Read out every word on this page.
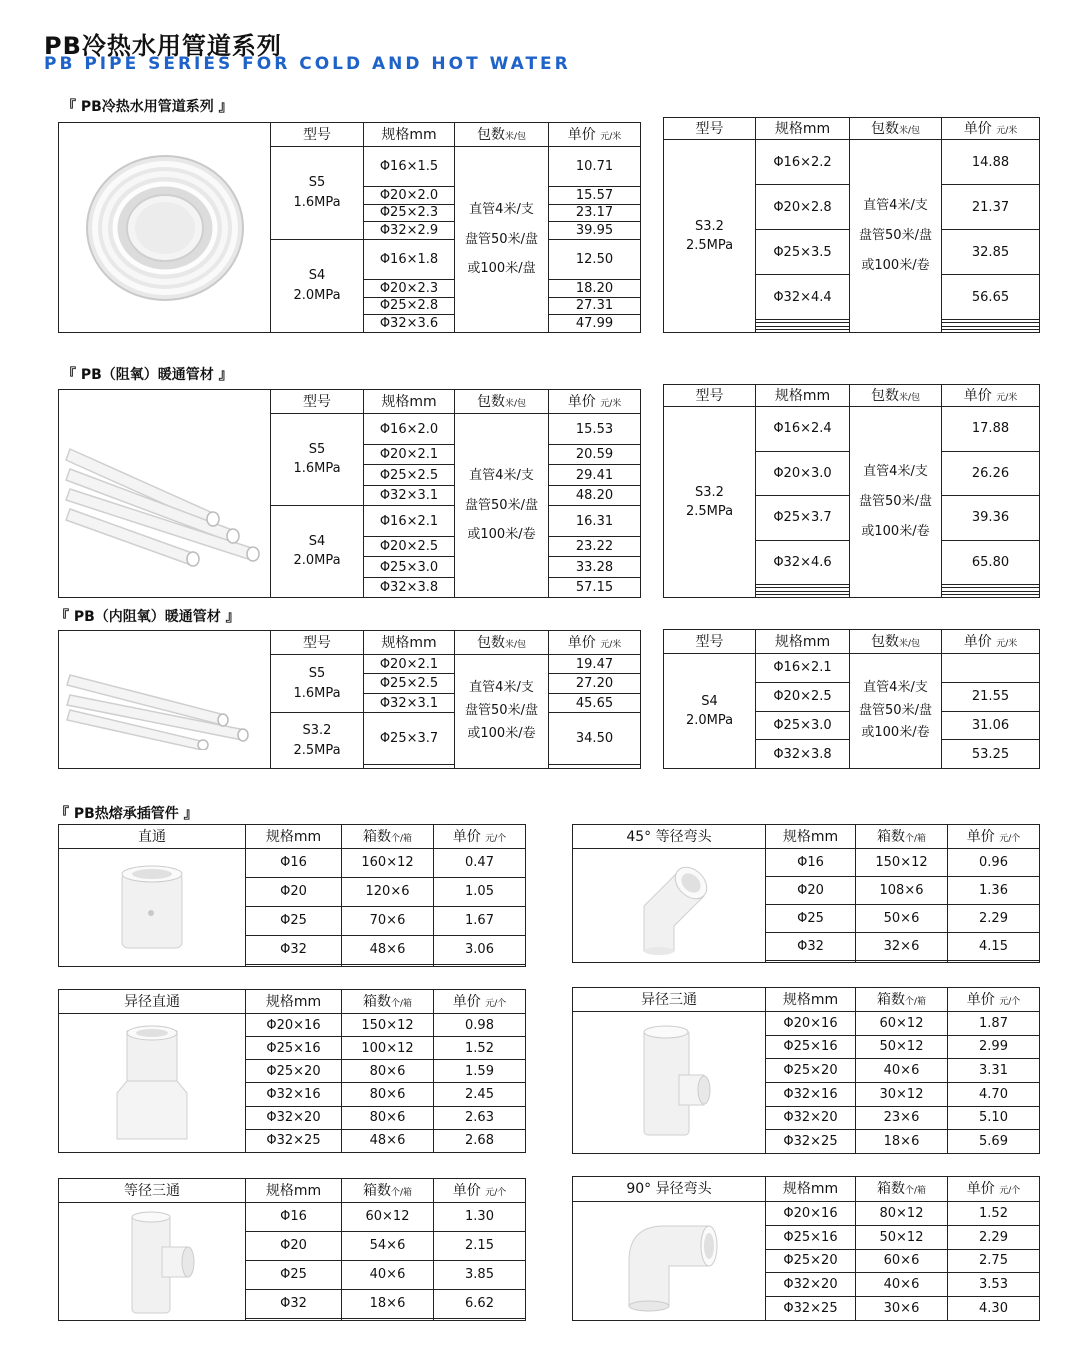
PB冷热水用管道系列
PB PIPE SERIES FOR COLD AND HOT WATER
『 PB冷热水用管道系列 』
	型号	规格mm	包数米/包	单价 元/米
	S5
1.6MPa	Φ16×1.5	直管4米/支
盘管50米/盘
或100米/盘	10.71
		Φ20×2.0		15.57
		Φ25×2.3		23.17
		Φ32×2.9		39.95
	S4
2.0MPa	Φ16×1.8		12.50
		Φ20×2.3		18.20
		Φ25×2.8		27.31
		Φ32×3.6		47.99
型号	规格mm	包数米/包	单价 元/米
S3.2
2.5MPa	Φ16×2.2	直管4米/支
盘管50米/盘
或100米/卷	14.88
	Φ20×2.8		21.37
	Φ25×3.5		32.85
	Φ32×4.4		56.65

『 PB（阻氧）暖通管材 』
	型号	规格mm	包数米/包	单价 元/米
	S5
1.6MPa	Φ16×2.0	直管4米/支
盘管50米/盘
或100米/卷	15.53
		Φ20×2.1		20.59
		Φ25×2.5		29.41
		Φ32×3.1		48.20
	S4
2.0MPa	Φ16×2.1		16.31
		Φ20×2.5		23.22
		Φ25×3.0		33.28
		Φ32×3.8		57.15
型号	规格mm	包数米/包	单价 元/米
S3.2
2.5MPa	Φ16×2.4	直管4米/支
盘管50米/盘
或100米/卷	17.88
	Φ20×3.0		26.26
	Φ25×3.7		39.36
	Φ32×4.6		65.80

『 PB（内阻氧）暖通管材 』
	型号	规格mm	包数米/包	单价 元/米
	S5
1.6MPa	Φ20×2.1	直管4米/支
盘管50米/盘
或100米/卷	19.47
		Φ25×2.5		27.20
		Φ32×3.1		45.65
	S3.2
2.5MPa	Φ25×3.7		34.50

型号	规格mm	包数米/包	单价 元/米
S4
2.0MPa	Φ16×2.1	直管4米/支
盘管50米/盘
或100米/卷	
	Φ20×2.5		21.55
	Φ25×3.0		31.06
	Φ32×3.8		53.25
『 PB热熔承插管件 』
直通	规格mm	箱数个/箱	单价 元/个

	Φ16	160×12	0.47
	Φ20	120×6	1.05
	Φ25	70×6	1.67
	Φ32	48×6	3.06

45° 等径弯头	规格mm	箱数个/箱	单价 元/个

	Φ16	150×12	0.96
	Φ20	108×6	1.36
	Φ25	50×6	2.29
	Φ32	32×6	4.15

异径直通	规格mm	箱数个/箱	单价 元/个

	Φ20×16	150×12	0.98
	Φ25×16	100×12	1.52
	Φ25×20	80×6	1.59
	Φ32×16	80×6	2.45
	Φ32×20	80×6	2.63
	Φ32×25	48×6	2.68
异径三通	规格mm	箱数个/箱	单价 元/个

	Φ20×16	60×12	1.87
	Φ25×16	50×12	2.99
	Φ25×20	40×6	3.31
	Φ32×16	30×12	4.70
	Φ32×20	23×6	5.10
	Φ32×25	18×6	5.69
等径三通	规格mm	箱数个/箱	单价 元/个

	Φ16	60×12	1.30
	Φ20	54×6	2.15
	Φ25	40×6	3.85
	Φ32	18×6	6.62

90° 异径弯头	规格mm	箱数个/箱	单价 元/个

	Φ20×16	80×12	1.52
	Φ25×16	50×12	2.29
	Φ25×20	60×6	2.75
	Φ32×20	40×6	3.53
	Φ32×25	30×6	4.30
